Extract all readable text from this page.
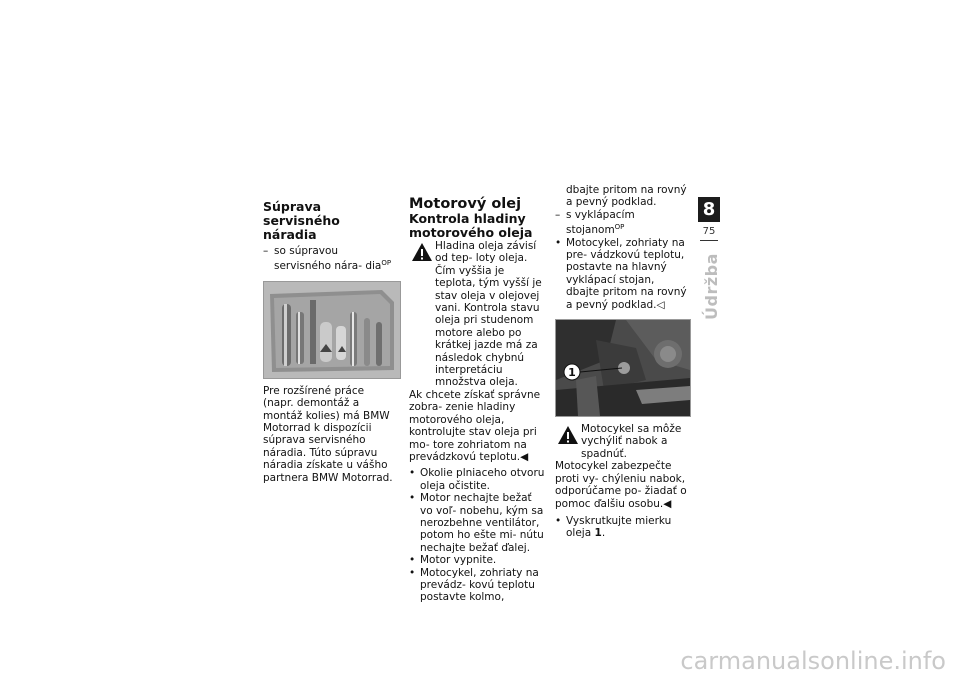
Súprava servisného náradia

– so súpravou servisného nára- dia$^{OP}$

Pre rozšírené práce (napr. demontáž a montáž kolies) má BMW Motorrad k dispozícii súprava servisného náradia. Túto súpravu náradia získate u vášho partnera BMW Motorrad.

Motorový olej

Kontrola hladiny motorového oleja

Hladina oleja závisí od tep- loty oleja. Čím vyššia je teplota, tým vyšší je stav oleja v olejovej vani. Kontrola stavu oleja pri studenom motore alebo po krátkej jazde má za následok chybnú interpretáciu množstva oleja.

Ak chcete získať správne zobra- zenie hladiny motorového oleja, kontrolujte stav oleja pri mo- tore zohriatom na prevádzkovú teplotu.◀

• Okolie plniaceho otvoru oleja očistite.
• Motor nechajte bežať vo voľ- nobehu, kým sa nerozbehne ventilátor, potom ho ešte mi- nútu nechajte bežať ďalej.
• Motor vypnite.
• Motocykel, zohriaty na prevádz- kovú teplotu postavte kolmo,

dbajte pritom na rovný a pevný podklad.

– s vyklápacím stojanom$^{OP}$
• Motocykel, zohriaty na pre- vádzkovú teplotu, postavte na hlavný vyklápací stojan, dbajte pritom na rovný a pevný podklad.◁
1
Motocykel sa môže vychýliť nabok a spadnúť.

Motocykel zabezpečte proti vy- chýleniu nabok, odporúčame po- žiadať o pomoc ďalšiu osobu.◀

• Vyskrutkujte mierku oleja 1.
8
75
Údržba
carmanualsonline.info
